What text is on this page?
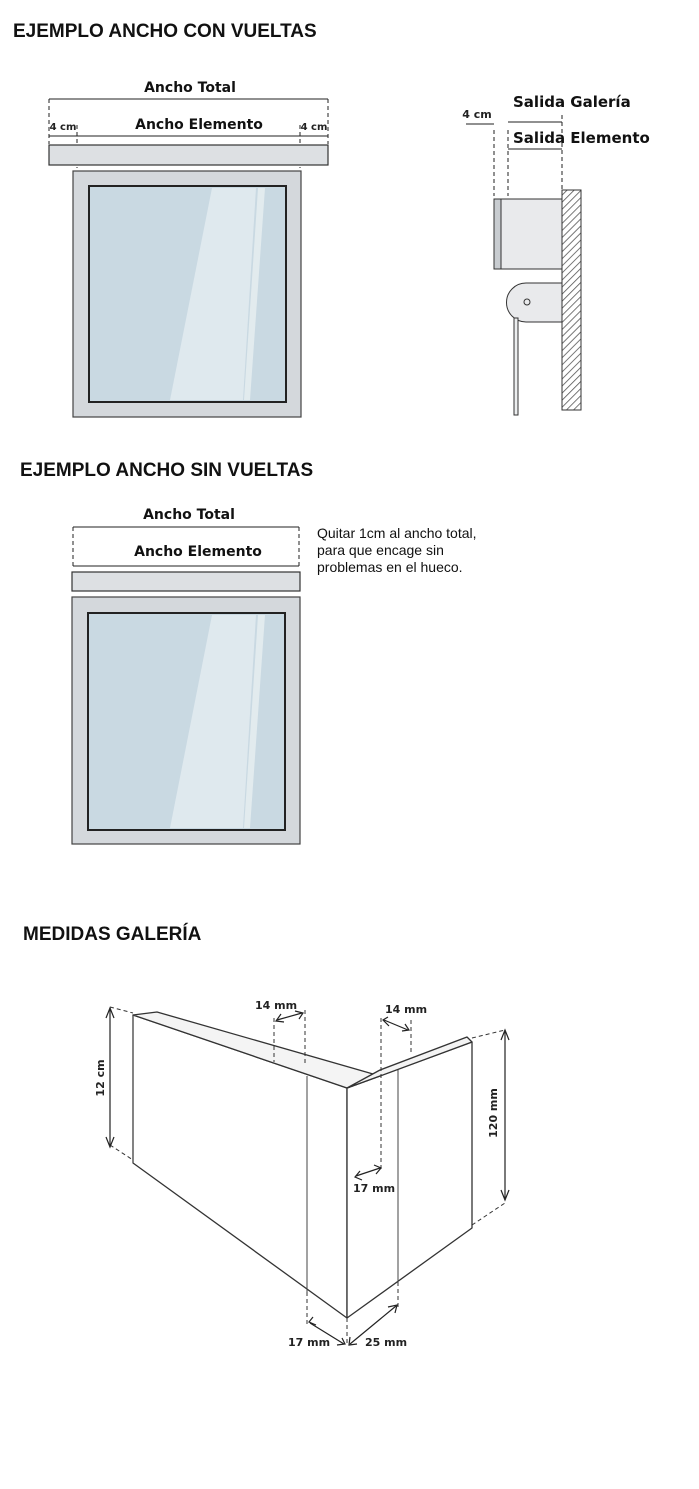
EJEMPLO ANCHO CON VUELTAS
EJEMPLO ANCHO SIN VUELTAS
MEDIDAS GALERÍA
Ancho Total
Ancho Elemento
4 cm	4 cm
4 cm
Salida Galería
Salida Elemento
Ancho Total
Ancho Elemento
12 cm
120 mm
14 mm	14 mm
17 mm
17 mm	25 mm
Quitar 1cm al ancho total,
para que encage sin
problemas en el hueco.
